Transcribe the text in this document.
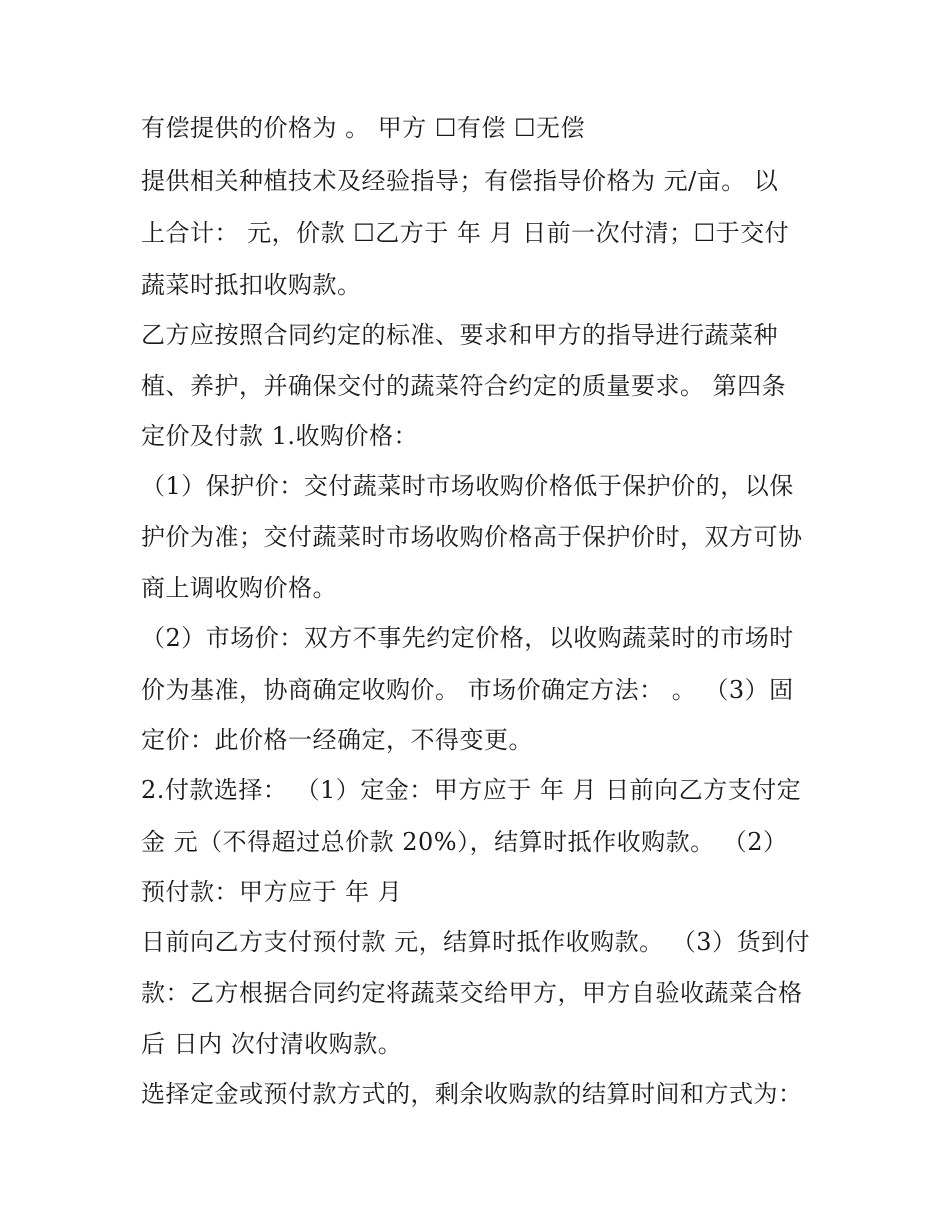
有偿提供的价格为 。 甲方 ☐有偿 ☐无偿
提供相关种植技术及经验指导；有偿指导价格为 元/亩。 以
上合计： 元，价款 ☐乙方于 年 月 日前一次付清；☐于交付
蔬菜时抵扣收购款。
乙方应按照合同约定的标准、要求和甲方的指导进行蔬菜种
植、养护，并确保交付的蔬菜符合约定的质量要求。 第四条
定价及付款 1.收购价格：
（1）保护价：交付蔬菜时市场收购价格低于保护价的，以保
护价为准；交付蔬菜时市场收购价格高于保护价时，双方可协
商上调收购价格。
（2）市场价：双方不事先约定价格，以收购蔬菜时的市场时
价为基准，协商确定收购价。 市场价确定方法： 。 （3）固
定价：此价格一经确定，不得变更。
2.付款选择： （1）定金：甲方应于 年 月 日前向乙方支付定
金 元（不得超过总价款 20%），结算时抵作收购款。 （2）
预付款：甲方应于 年 月
日前向乙方支付预付款 元，结算时抵作收购款。 （3）货到付
款：乙方根据合同约定将蔬菜交给甲方，甲方自验收蔬菜合格
后 日内 次付清收购款。
选择定金或预付款方式的，剩余收购款的结算时间和方式为：
